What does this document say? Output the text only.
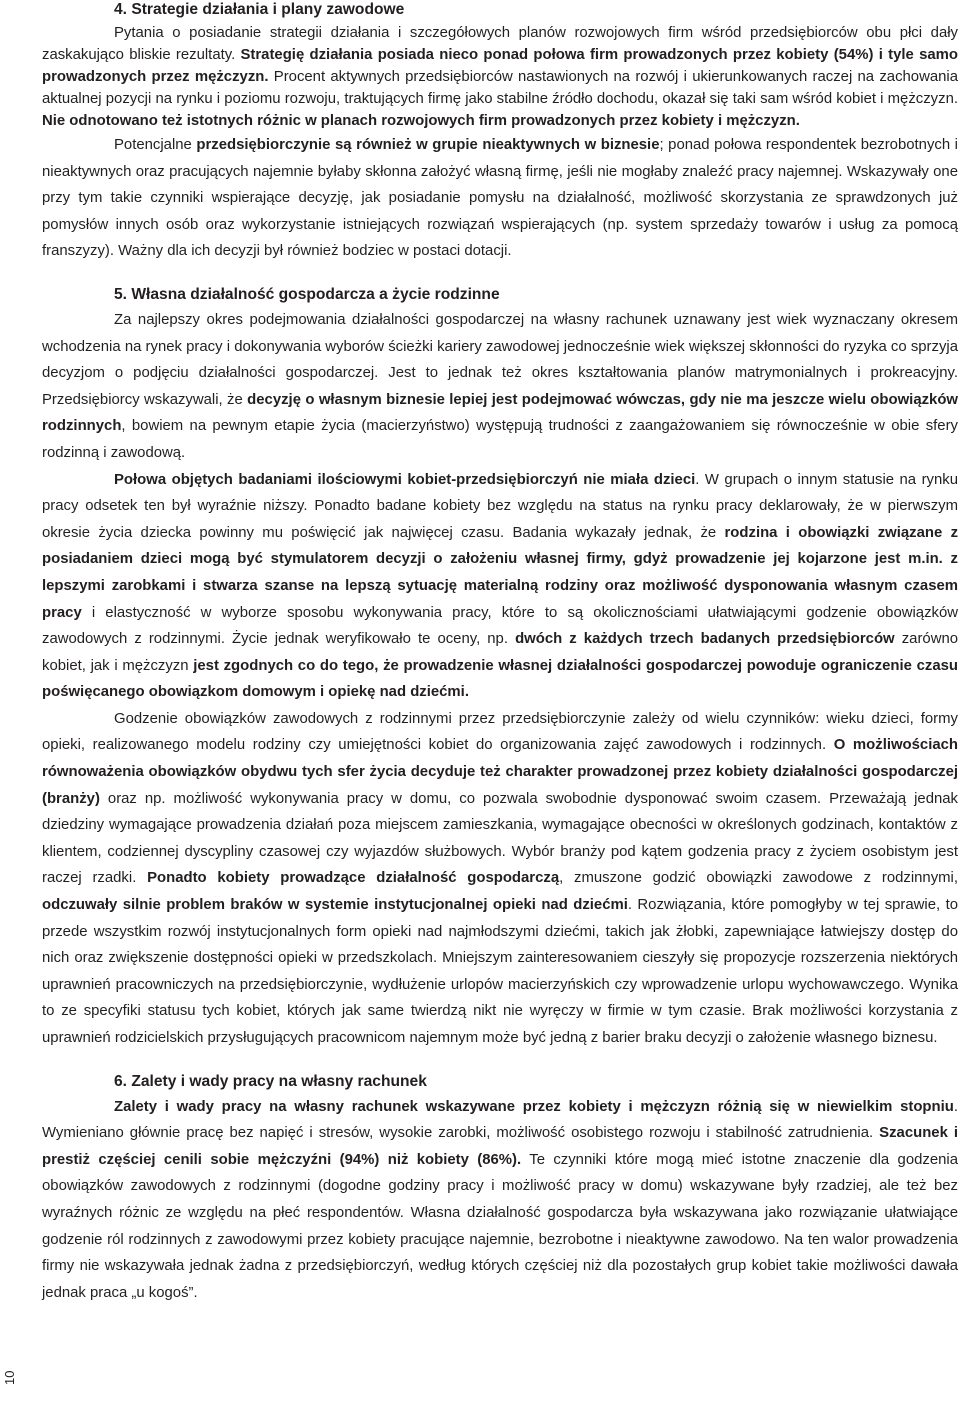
4. Strategie działania i plany zawodowe

Pytania o posiadanie strategii działania i szczegółowych planów rozwojowych firm wśród przedsiębiorców obu płci dały zaskakująco bliskie rezultaty. Strategię działania posiada nieco ponad połowa firm prowadzonych przez kobiety (54%) i tyle samo prowadzonych przez mężczyzn. Procent aktywnych przedsiębiorców nastawionych na rozwój i ukierunkowanych raczej na zachowania aktualnej pozycji na rynku i poziomu rozwoju, traktujących firmę jako stabilne źródło dochodu, okazał się taki sam wśród kobiet i mężczyzn. Nie odnotowano też istotnych różnic w planach rozwojowych firm prowadzonych przez kobiety i mężczyzn.

Potencjalne przedsiębiorczynie są również w grupie nieaktywnych w biznesie; ponad połowa respondentek bezrobotnych i nieaktywnych oraz pracujących najemnie byłaby skłonna założyć własną firmę, jeśli nie mogłaby znaleźć pracy najemnej. Wskazywały one przy tym takie czynniki wspierające decyzję, jak posiadanie pomysłu na działalność, możliwość skorzystania ze sprawdzonych już pomysłów innych osób oraz wykorzystanie istniejących rozwiązań wspierających (np. system sprzedaży towarów i usług za pomocą franszyzy). Ważny dla ich decyzji był również bodziec w postaci dotacji.

5. Własna działalność gospodarcza a życie rodzinne

Za najlepszy okres podejmowania działalności gospodarczej na własny rachunek uznawany jest wiek wyznaczany okresem wchodzenia na rynek pracy i dokonywania wyborów ścieżki kariery zawodowej jednocześnie wiek większej skłonności do ryzyka co sprzyja decyzjom o podjęciu działalności gospodarczej. Jest to jednak też okres kształtowania planów matrymonialnych i prokreacyjny. Przedsiębiorcy wskazywali, że decyzję o własnym biznesie lepiej jest podejmować wówczas, gdy nie ma jeszcze wielu obowiązków rodzinnych, bowiem na pewnym etapie życia (macierzyństwo) występują trudności z zaangażowaniem się równocześnie w obie sfery rodzinną i zawodową.

Połowa objętych badaniami ilościowymi kobiet-przedsiębiorczyń nie miała dzieci. W grupach o innym statusie na rynku pracy odsetek ten był wyraźnie niższy. Ponadto badane kobiety bez względu na status na rynku pracy deklarowały, że w pierwszym okresie życia dziecka powinny mu poświęcić jak najwięcej czasu. Badania wykazały jednak, że rodzina i obowiązki związane z posiadaniem dzieci mogą być stymulatorem decyzji o założeniu własnej firmy, gdyż prowadzenie jej kojarzone jest m.in. z lepszymi zarobkami i stwarza szanse na lepszą sytuację materialną rodziny oraz możliwość dysponowania własnym czasem pracy i elastyczność w wyborze sposobu wykonywania pracy, które to są okolicznościami ułatwiającymi godzenie obowiązków zawodowych z rodzinnymi. Życie jednak weryfikowało te oceny, np. dwóch z każdych trzech badanych przedsiębiorców zarówno kobiet, jak i mężczyzn jest zgodnych co do tego, że prowadzenie własnej działalności gospodarczej powoduje ograniczenie czasu poświęcanego obowiązkom domowym i opiekę nad dziećmi.

Godzenie obowiązków zawodowych z rodzinnymi przez przedsiębiorczynie zależy od wielu czynników: wieku dzieci, formy opieki, realizowanego modelu rodziny czy umiejętności kobiet do organizowania zajęć zawodowych i rodzinnych. O możliwościach równoważenia obowiązków obydwu tych sfer życia decyduje też charakter prowadzonej przez kobiety działalności gospodarczej (branży) oraz np. możliwość wykonywania pracy w domu, co pozwala swobodnie dysponować swoim czasem. Przeważają jednak dziedziny wymagające prowadzenia działań poza miejscem zamieszkania, wymagające obecności w określonych godzinach, kontaktów z klientem, codziennej dyscypliny czasowej czy wyjazdów służbowych. Wybór branży pod kątem godzenia pracy z życiem osobistym jest raczej rzadki. Ponadto kobiety prowadzące działalność gospodarczą, zmuszone godzić obowiązki zawodowe z rodzinnymi, odczuwały silnie problem braków w systemie instytucjonalnej opieki nad dziećmi. Rozwiązania, które pomogłyby w tej sprawie, to przede wszystkim rozwój instytucjonalnych form opieki nad najmłodszymi dziećmi, takich jak żłobki, zapewniające łatwiejszy dostęp do nich oraz zwiększenie dostępności opieki w przedszkolach. Mniejszym zainteresowaniem cieszyły się propozycje rozszerzenia niektórych uprawnień pracowniczych na przedsiębiorczynie, wydłużenie urlopów macierzyńskich czy wprowadzenie urlopu wychowawczego. Wynika to ze specyfiki statusu tych kobiet, których jak same twierdzą nikt nie wyręczy w firmie w tym czasie. Brak możliwości korzystania z uprawnień rodzicielskich przysługujących pracownicom najemnym może być jedną z barier braku decyzji o założenie własnego biznesu.

6. Zalety i wady pracy na własny rachunek

Zalety i wady pracy na własny rachunek wskazywane przez kobiety i mężczyzn różnią się w niewielkim stopniu. Wymieniano głównie pracę bez napięć i stresów, wysokie zarobki, możliwość osobistego rozwoju i stabilność zatrudnienia. Szacunek i prestiż częściej cenili sobie mężczyźni (94%) niż kobiety (86%). Te czynniki które mogą mieć istotne znaczenie dla godzenia obowiązków zawodowych z rodzinnymi (dogodne godziny pracy i możliwość pracy w domu) wskazywane były rzadziej, ale też bez wyraźnych różnic ze względu na płeć respondentów. Własna działalność gospodarcza była wskazywana jako rozwiązanie ułatwiające godzenie ról rodzinnych z zawodowymi przez kobiety pracujące najemnie, bezrobotne i nieaktywne zawodowo. Na ten walor prowadzenia firmy nie wskazywała jednak żadna z przedsiębiorczyń, według których częściej niż dla pozostałych grup kobiet takie możliwości dawała jednak praca „u kogoś”.

10
